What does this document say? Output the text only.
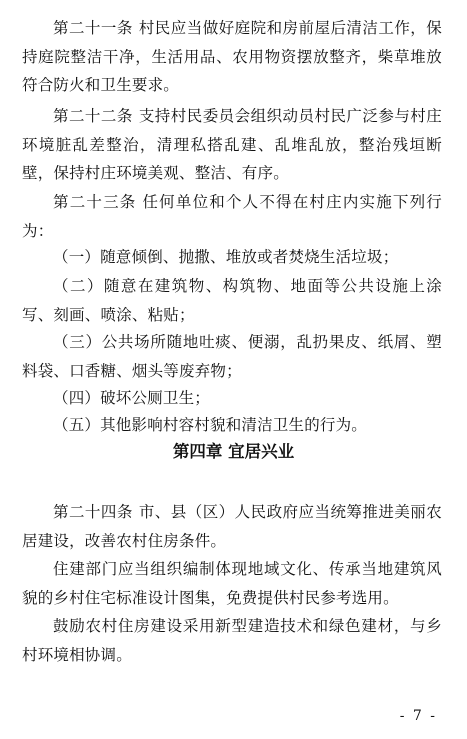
第二十一条 村民应当做好庭院和房前屋后清洁工作，保持庭院整洁干净，生活用品、农用物资摆放整齐，柴草堆放符合防火和卫生要求。

第二十二条 支持村民委员会组织动员村民广泛参与村庄环境脏乱差整治，清理私搭乱建、乱堆乱放，整治残垣断壁，保持村庄环境美观、整洁、有序。

第二十三条 任何单位和个人不得在村庄内实施下列行为：

（一）随意倾倒、抛撒、堆放或者焚烧生活垃圾；

（二）随意在建筑物、构筑物、地面等公共设施上涂写、刻画、喷涂、粘贴；

（三）公共场所随地吐痰、便溺，乱扔果皮、纸屑、塑料袋、口香糖、烟头等废弃物；

（四）破坏公厕卫生；

（五）其他影响村容村貌和清洁卫生的行为。

第四章 宜居兴业

第二十四条 市、县（区）人民政府应当统筹推进美丽农居建设，改善农村住房条件。

住建部门应当组织编制体现地域文化、传承当地建筑风貌的乡村住宅标准设计图集，免费提供村民参考选用。

鼓励农村住房建设采用新型建造技术和绿色建材，与乡村环境相协调。

- 7 -
